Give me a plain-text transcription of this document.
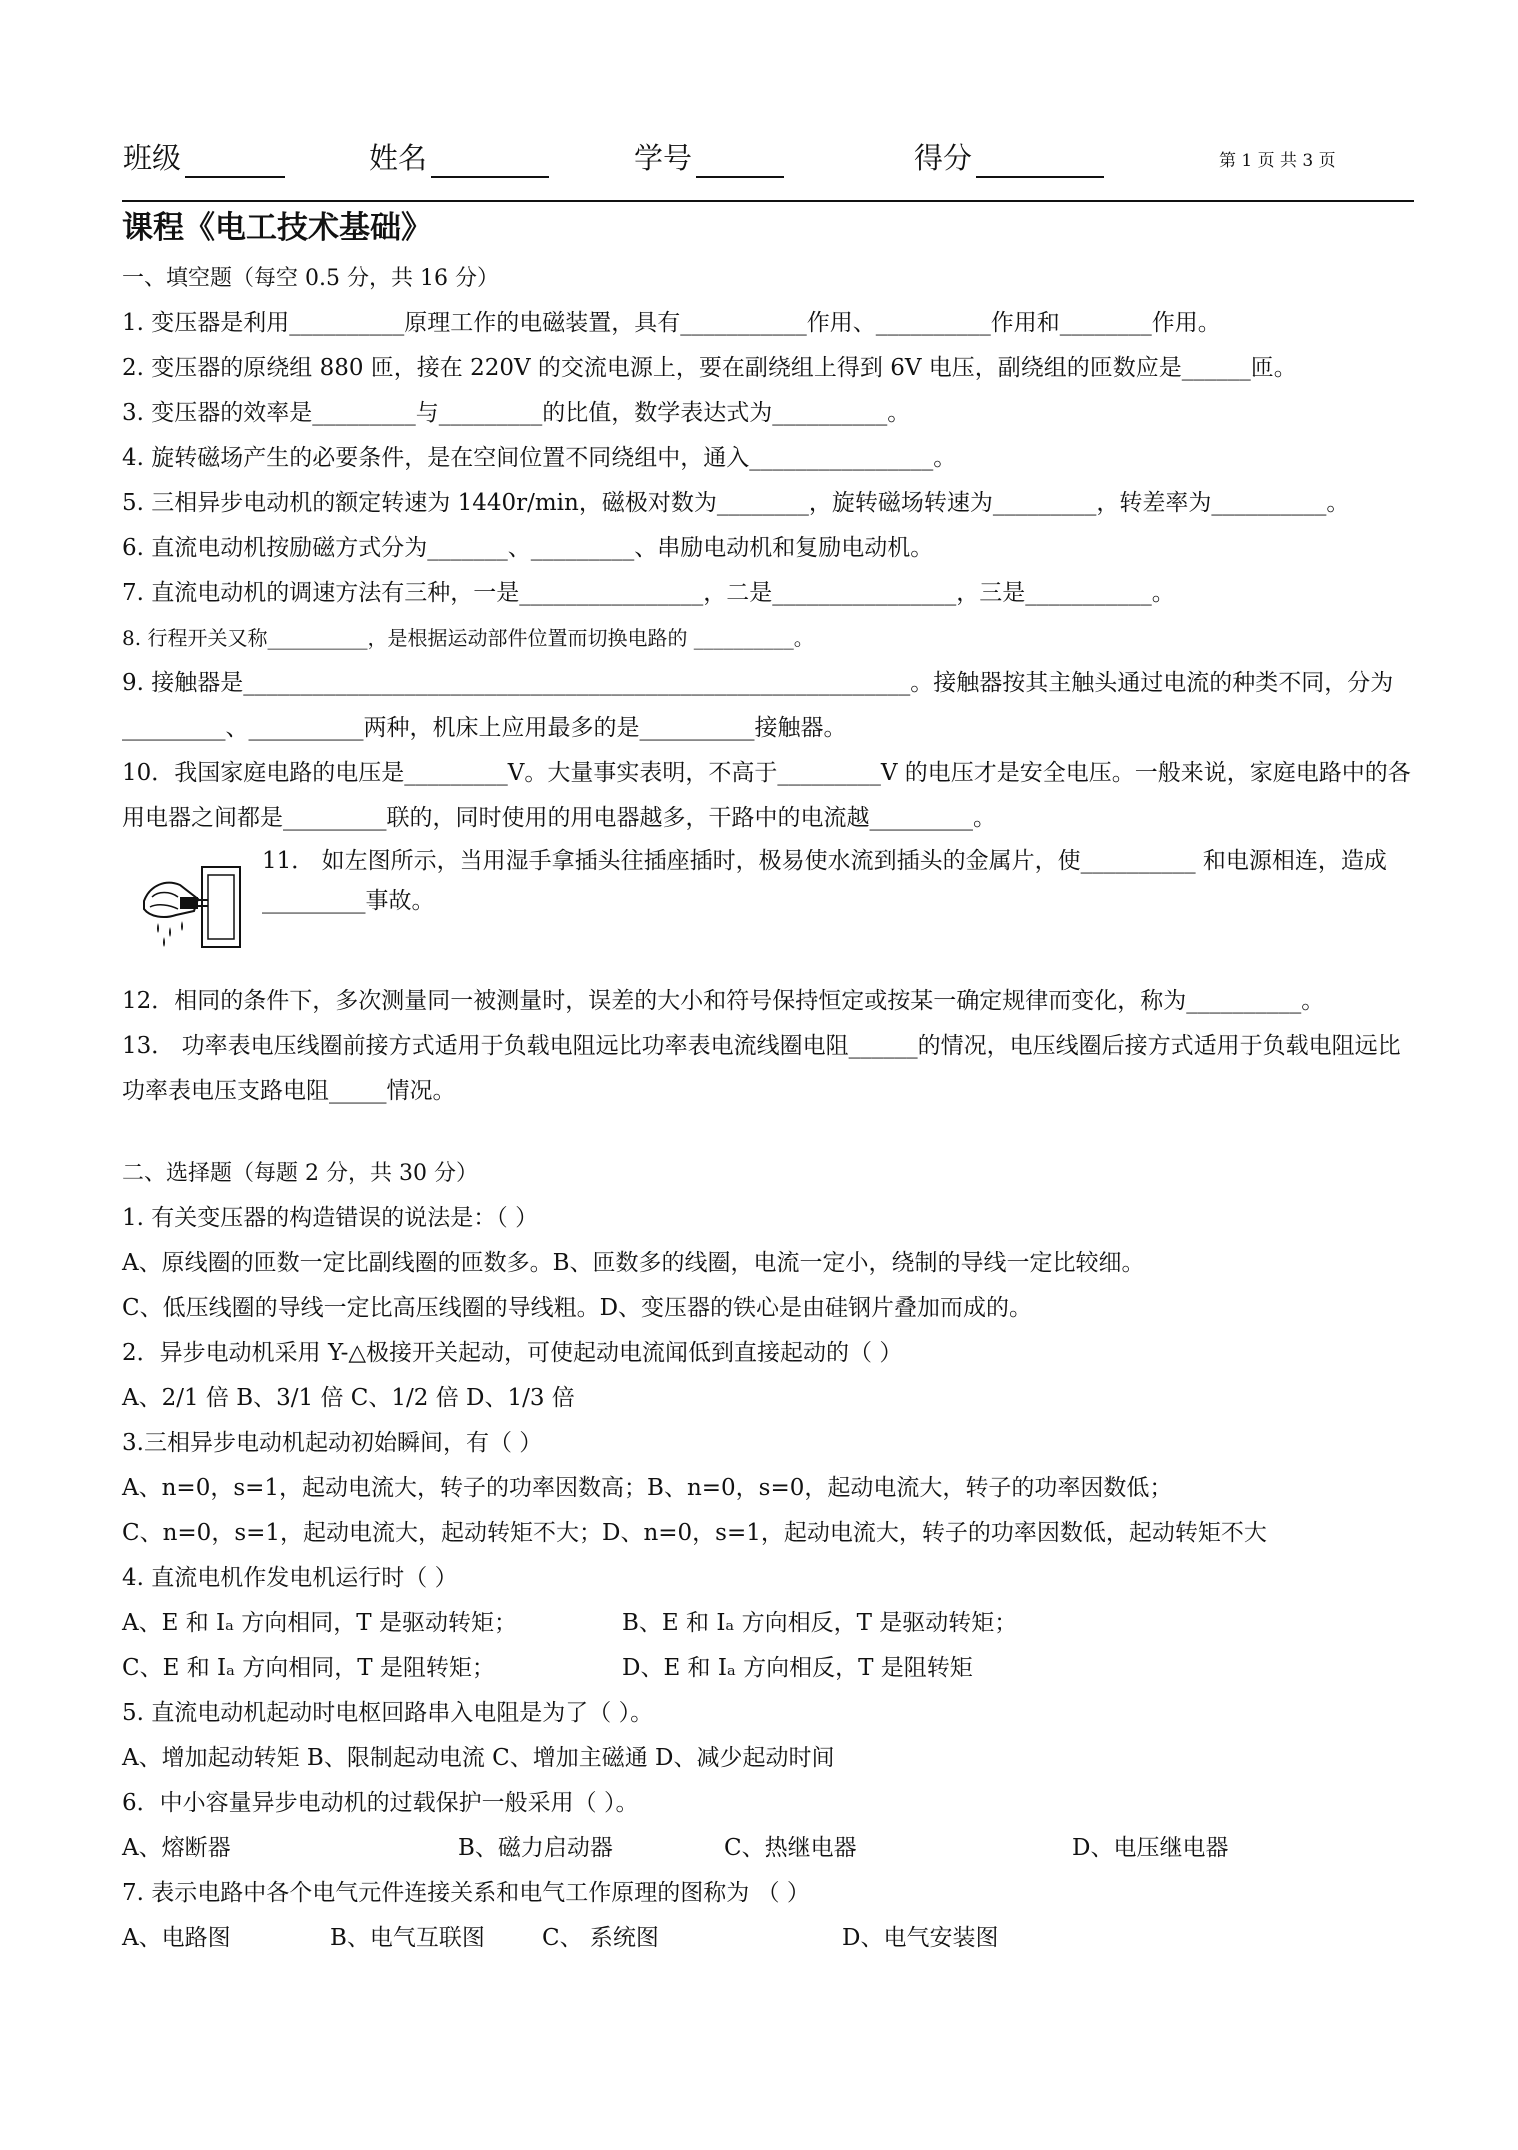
班级	姓名	学号	得分	第 1 页 共 3 页
课程《电工技术基础》
一、填空题（每空 0.5 分，共 16 分）
1. 变压器是利用__________原理工作的电磁装置，具有___________作用、__________作用和________作用。
2. 变压器的原绕组 880 匝，接在 220V 的交流电源上，要在副绕组上得到 6V 电压，副绕组的匝数应是______匝。
3. 变压器的效率是_________与_________的比值，数学表达式为__________。
4. 旋转磁场产生的必要条件，是在空间位置不同绕组中，通入________________。
5. 三相异步电动机的额定转速为 1440r/min，磁极对数为________，旋转磁场转速为_________，转差率为__________。
6. 直流电动机按励磁方式分为_______、_________、串励电动机和复励电动机。
7. 直流电动机的调速方法有三种，一是________________，二是________________，三是___________。
8. 行程开关又称__________，是根据运动部件位置而切换电路的 __________。
9. 接触器是__________________________________________________________。接触器按其主触头通过电流的种类不同，分为_________、__________两种，机床上应用最多的是__________接触器。
10．我国家庭电路的电压是_________V。大量事实表明，不高于_________V 的电压才是安全电压。一般来说，家庭电路中的各用电器之间都是_________联的，同时使用的用电器越多，干路中的电流越_________。
11． 如左图所示，当用湿手拿插头往插座插时，极易使水流到插头的金属片，使__________ 和电源相连，造成_________事故。
12．相同的条件下，多次测量同一被测量时，误差的大小和符号保持恒定或按某一确定规律而变化，称为__________。
13． 功率表电压线圈前接方式适用于负载电阻远比功率表电流线圈电阻______的情况，电压线圈后接方式适用于负载电阻远比功率表电压支路电阻_____情况。
二、选择题（每题 2 分，共 30 分）
1. 有关变压器的构造错误的说法是：（ ）
A、原线圈的匝数一定比副线圈的匝数多。B、匝数多的线圈，电流一定小，绕制的导线一定比较细。
C、低压线圈的导线一定比高压线圈的导线粗。D、变压器的铁心是由硅钢片叠加而成的。
2．异步电动机采用 Y-△极接开关起动，可使起动电流闻低到直接起动的（ ）
A、2/1 倍 B、3/1 倍 C、1/2 倍 D、1/3 倍
3.三相异步电动机起动初始瞬间，有（ ）
A、n=0，s=1，起动电流大，转子的功率因数高；B、n=0，s=0，起动电流大，转子的功率因数低；
C、n=0，s=1，起动电流大，起动转矩不大；D、n=0，s=1，起动电流大，转子的功率因数低，起动转矩不大
4. 直流电机作发电机运行时（ ）
A、E 和 Iₐ 方向相同，T 是驱动转矩；	B、E 和 Iₐ 方向相反，T 是驱动转矩；
C、E 和 Iₐ 方向相同，T 是阻转矩；	D、E 和 Iₐ 方向相反，T 是阻转矩
5. 直流电动机起动时电枢回路串入电阻是为了（ ）。
A、增加起动转矩 B、限制起动电流 C、增加主磁通 D、减少起动时间
6．中小容量异步电动机的过载保护一般采用（ ）。
A、熔断器	B、磁力启动器	C、热继电器	D、电压继电器
7. 表示电路中各个电气元件连接关系和电气工作原理的图称为 （ ）
A、电路图	B、电气互联图 C、 系统图	D、电气安装图
